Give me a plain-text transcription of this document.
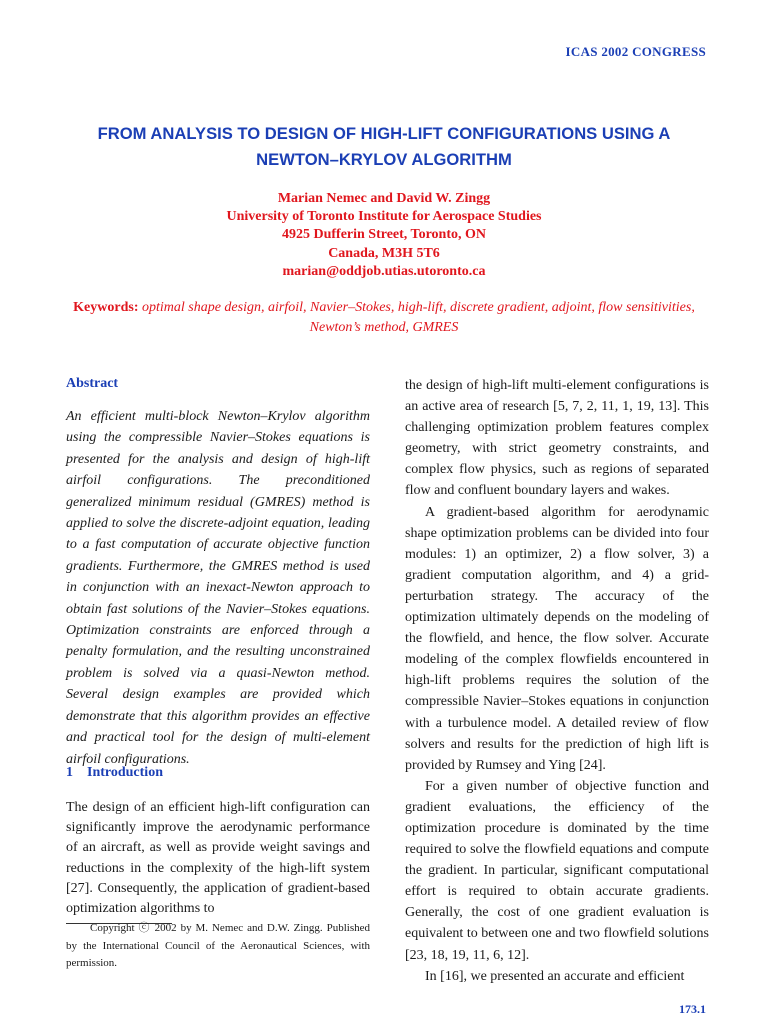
ICAS 2002 CONGRESS
FROM ANALYSIS TO DESIGN OF HIGH-LIFT CONFIGURATIONS USING A
NEWTON–KRYLOV ALGORITHM
Marian Nemec and David W. Zingg
University of Toronto Institute for Aerospace Studies
4925 Dufferin Street, Toronto, ON
Canada, M3H 5T6
marian@oddjob.utias.utoronto.ca
Keywords: optimal shape design, airfoil, Navier–Stokes, high-lift, discrete gradient, adjoint, flow sensitivities, Newton’s method, GMRES
Abstract
An efficient multi-block Newton–Krylov algorithm using the compressible Navier–Stokes equations is presented for the analysis and design of high-lift airfoil configurations. The preconditioned generalized minimum residual (GMRES) method is applied to solve the discrete-adjoint equation, leading to a fast computation of accurate objective function gradients. Furthermore, the GMRES method is used in conjunction with an inexact-Newton approach to obtain fast solutions of the Navier–Stokes equations. Optimization constraints are enforced through a penalty formulation, and the resulting unconstrained problem is solved via a quasi-Newton method. Several design examples are provided which demonstrate that this algorithm provides an effective and practical tool for the design of multi-element airfoil configurations.
1 Introduction
The design of an efficient high-lift configuration can significantly improve the aerodynamic performance of an aircraft, as well as provide weight savings and reductions in the complexity of the high-lift system [27]. Consequently, the application of gradient-based optimization algorithms to
Copyright ⓒ 2002 by M. Nemec and D.W. Zingg. Published by the International Council of the Aeronautical Sciences, with permission.

the design of high-lift multi-element configurations is an active area of research [5, 7, 2, 11, 1, 19, 13]. This challenging optimization problem features complex geometry, with strict geometry constraints, and complex flow physics, such as regions of separated flow and confluent boundary layers and wakes.

A gradient-based algorithm for aerodynamic shape optimization problems can be divided into four modules: 1) an optimizer, 2) a flow solver, 3) a gradient computation algorithm, and 4) a grid-perturbation strategy. The accuracy of the optimization ultimately depends on the modeling of the flowfield, and hence, the flow solver. Accurate modeling of the complex flowfields encountered in high-lift problems requires the solution of the compressible Navier–Stokes equations in conjunction with a turbulence model. A detailed review of flow solvers and results for the prediction of high lift is provided by Rumsey and Ying [24].

For a given number of objective function and gradient evaluations, the efficiency of the optimization procedure is dominated by the time required to solve the flowfield equations and compute the gradient. In particular, significant computational effort is required to obtain accurate gradients. Generally, the cost of one gradient evaluation is equivalent to between one and two flowfield solutions [23, 18, 19, 11, 6, 12].

In [16], we presented an accurate and efficient

173.1
